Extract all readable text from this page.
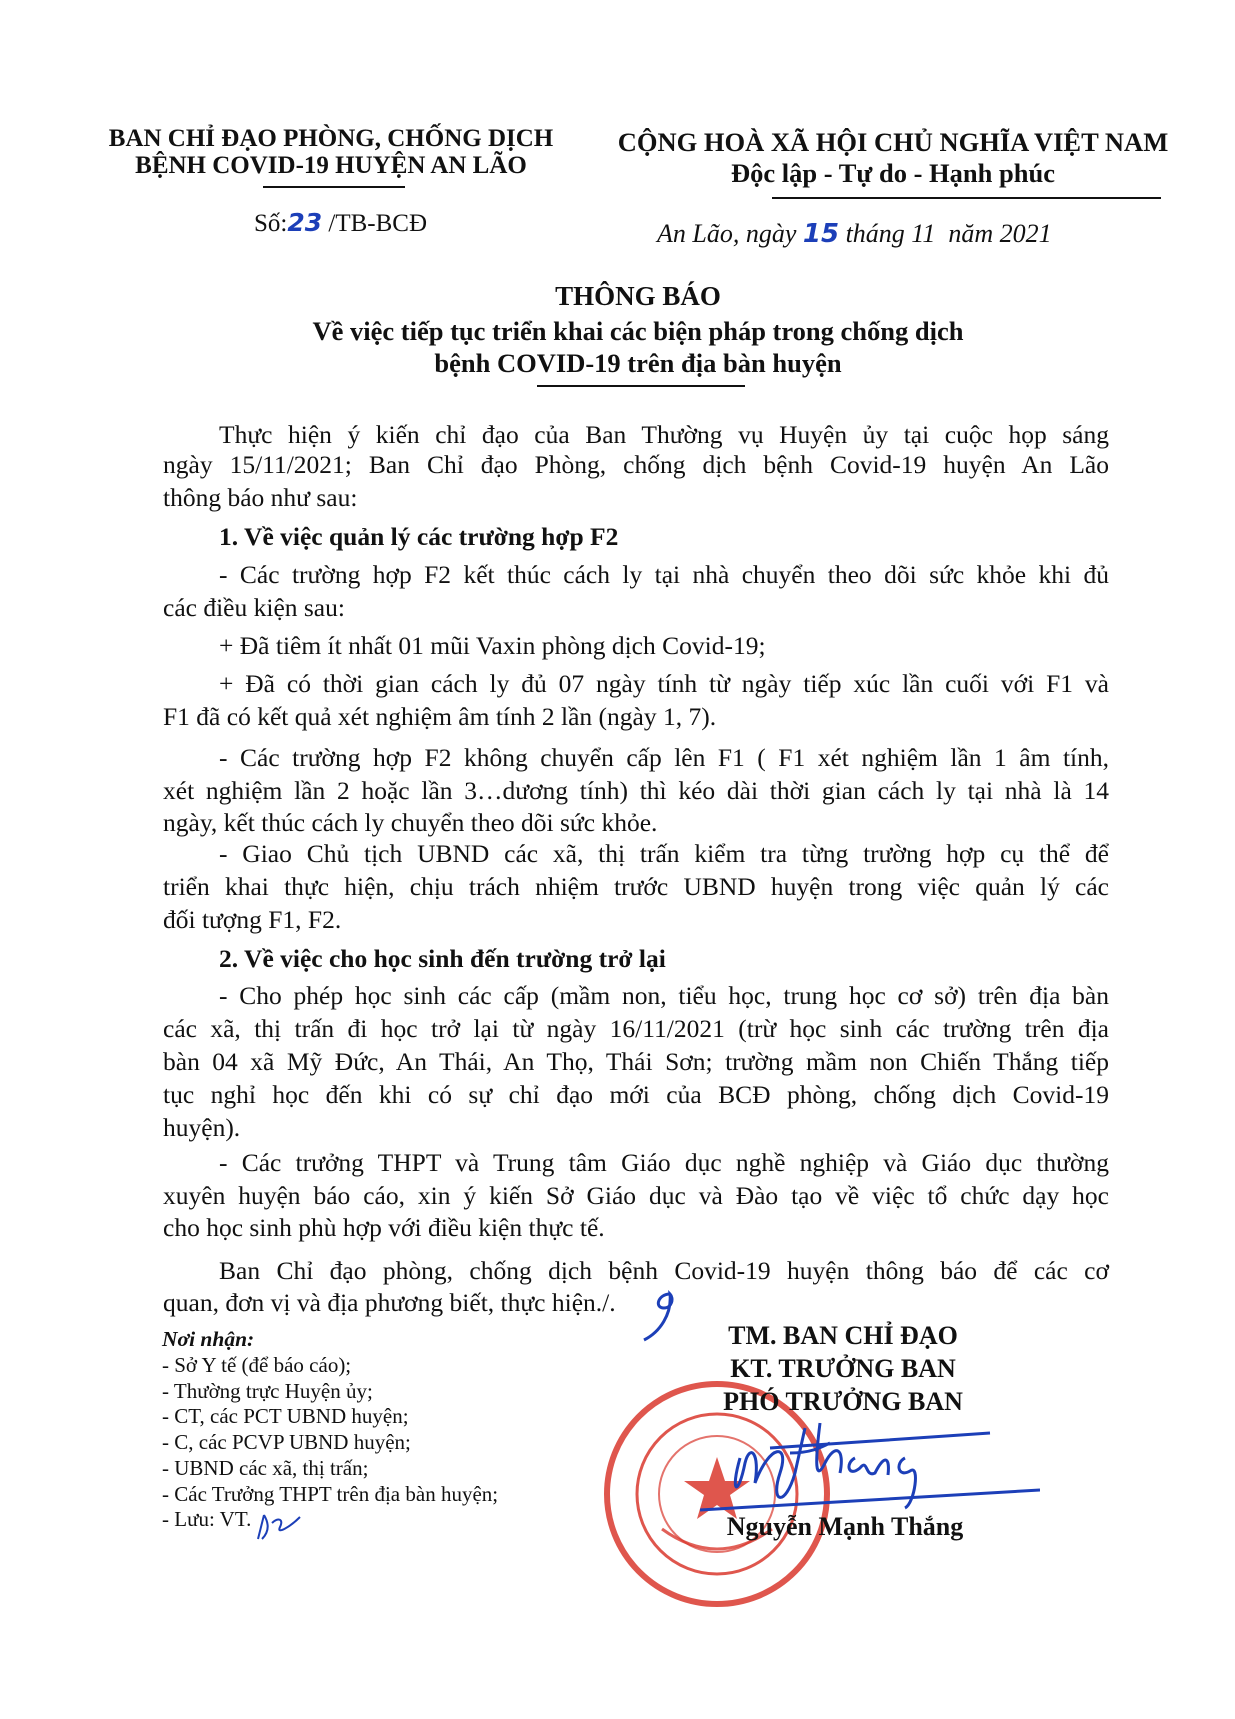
BAN CHỈ ĐẠO PHÒNG, CHỐNG DỊCH
BỆNH COVID-19 HUYỆN AN LÃO
Số:23 /TB-BCĐ
CỘNG HOÀ XÃ HỘI CHỦ NGHĨA VIỆT NAM
Độc lập - Tự do - Hạnh phúc
An Lão, ngày 15 tháng 11  năm 2021
THÔNG BÁO
Về việc tiếp tục triển khai các biện pháp trong chống dịch
bệnh COVID-19 trên địa bàn huyện
Thực hiện ý kiến chỉ đạo của Ban Thường vụ Huyện ủy tại cuộc họp sáng
ngày 15/11/2021; Ban Chỉ đạo Phòng, chống dịch bệnh Covid-19 huyện An Lão
thông báo như sau:
1. Về việc quản lý các trường hợp F2
- Các trường hợp F2 kết thúc cách ly tại nhà chuyển theo dõi sức khỏe khi đủ
các điều kiện sau:
+ Đã tiêm ít nhất 01 mũi Vaxin phòng dịch Covid-19;
+ Đã có thời gian cách ly đủ 07 ngày tính từ ngày tiếp xúc lần cuối với F1 và
F1 đã có kết quả xét nghiệm âm tính 2 lần (ngày 1, 7).
- Các trường hợp F2 không chuyển cấp lên F1 ( F1 xét nghiệm lần 1 âm tính,
xét nghiệm lần 2 hoặc lần 3…dương tính) thì kéo dài thời gian cách ly tại nhà là 14
ngày, kết thúc cách ly chuyển theo dõi sức khỏe.
- Giao Chủ tịch UBND các xã, thị trấn kiểm tra từng trường hợp cụ thể để
triển khai thực hiện, chịu trách nhiệm trước UBND huyện trong việc quản lý các
đối tượng F1, F2.
2. Về việc cho học sinh đến trường trở lại
- Cho phép học sinh các cấp (mầm non, tiểu học, trung học cơ sở) trên địa bàn
các xã, thị trấn đi học trở lại từ ngày 16/11/2021 (trừ học sinh các trường trên địa
bàn 04 xã Mỹ Đức, An Thái, An Thọ, Thái Sơn; trường mầm non Chiến Thắng tiếp
tục nghỉ học đến khi có sự chỉ đạo mới của BCĐ phòng, chống dịch Covid-19
huyện).
- Các trưởng THPT và Trung tâm Giáo dục nghề nghiệp và Giáo dục thường
xuyên huyện báo cáo, xin ý kiến Sở Giáo dục và Đào tạo về việc tổ chức dạy học
cho học sinh phù hợp với điều kiện thực tế.
Ban Chỉ đạo phòng, chống dịch bệnh Covid-19 huyện thông báo để các cơ
quan, đơn vị và địa phương biết, thực hiện./.
Nơi nhận:
- Sở Y tế (để báo cáo);
- Thường trực Huyện ủy;
- CT, các PCT UBND huyện;
- C, các PCVP UBND huyện;
- UBND các xã, thị trấn;
- Các Trưởng THPT trên địa bàn huyện;
- Lưu: VT.
TM. BAN CHỈ ĐẠO
KT. TRƯỞNG BAN
PHÓ TRƯỞNG BAN
Nguyễn Mạnh Thắng
